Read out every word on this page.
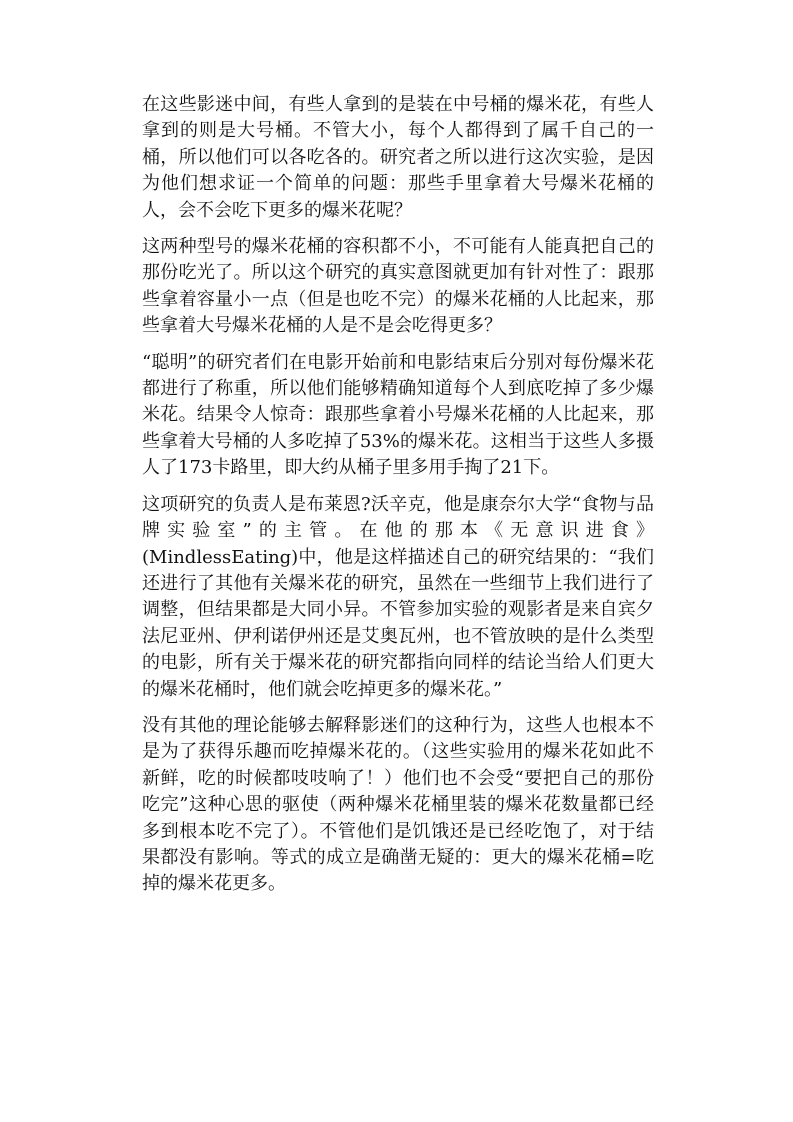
在这些影迷中间，有些人拿到的是装在中号桶的爆米花，有些人拿到的则是大号桶。不管大小，每个人都得到了属千自己的一桶，所以他们可以各吃各的。研究者之所以进行这次实验，是因为他们想求证一个简单的问题：那些手里拿着大号爆米花桶的人，会不会吃下更多的爆米花呢？

这两种型号的爆米花桶的容积都不小，不可能有人能真把自己的那份吃光了。所以这个研究的真实意图就更加有针对性了：跟那些拿着容量小一点（但是也吃不完）的爆米花桶的人比起来，那些拿着大号爆米花桶的人是不是会吃得更多？

“聪明”的研究者们在电影开始前和电影结束后分别对每份爆米花都进行了称重，所以他们能够精确知道每个人到底吃掉了多少爆米花。结果令人惊奇：跟那些拿着小号爆米花桶的人比起来，那些拿着大号桶的人多吃掉了53%的爆米花。这相当于这些人多摄人了173卡路里，即大约从桶子里多用手掏了21下。

这项研究的负责人是布莱恩?沃辛克，他是康奈尔大学“食物与品牌实验室”的主管。在他的那本《无意识进食》(MindlessEating)中，他是这样描述自己的研究结果的：“我们还进行了其他有关爆米花的研究，虽然在一些细节上我们进行了调整，但结果都是大同小异。不管参加实验的观影者是来自宾夕法尼亚州、伊利诺伊州还是艾奥瓦州，也不管放映的是什么类型的电影，所有关于爆米花的研究都指向同样的结论当给人们更大的爆米花桶时，他们就会吃掉更多的爆米花。”

没有其他的理论能够去解释影迷们的这种行为，这些人也根本不是为了获得乐趣而吃掉爆米花的。（这些实验用的爆米花如此不新鲜，吃的时候都吱吱响了！）他们也不会受“要把自己的那份吃完”这种心思的驱使（两种爆米花桶里装的爆米花数量都已经多到根本吃不完了）。不管他们是饥饿还是已经吃饱了，对于结果都没有影响。等式的成立是确凿无疑的：更大的爆米花桶=吃掉的爆米花更多。
